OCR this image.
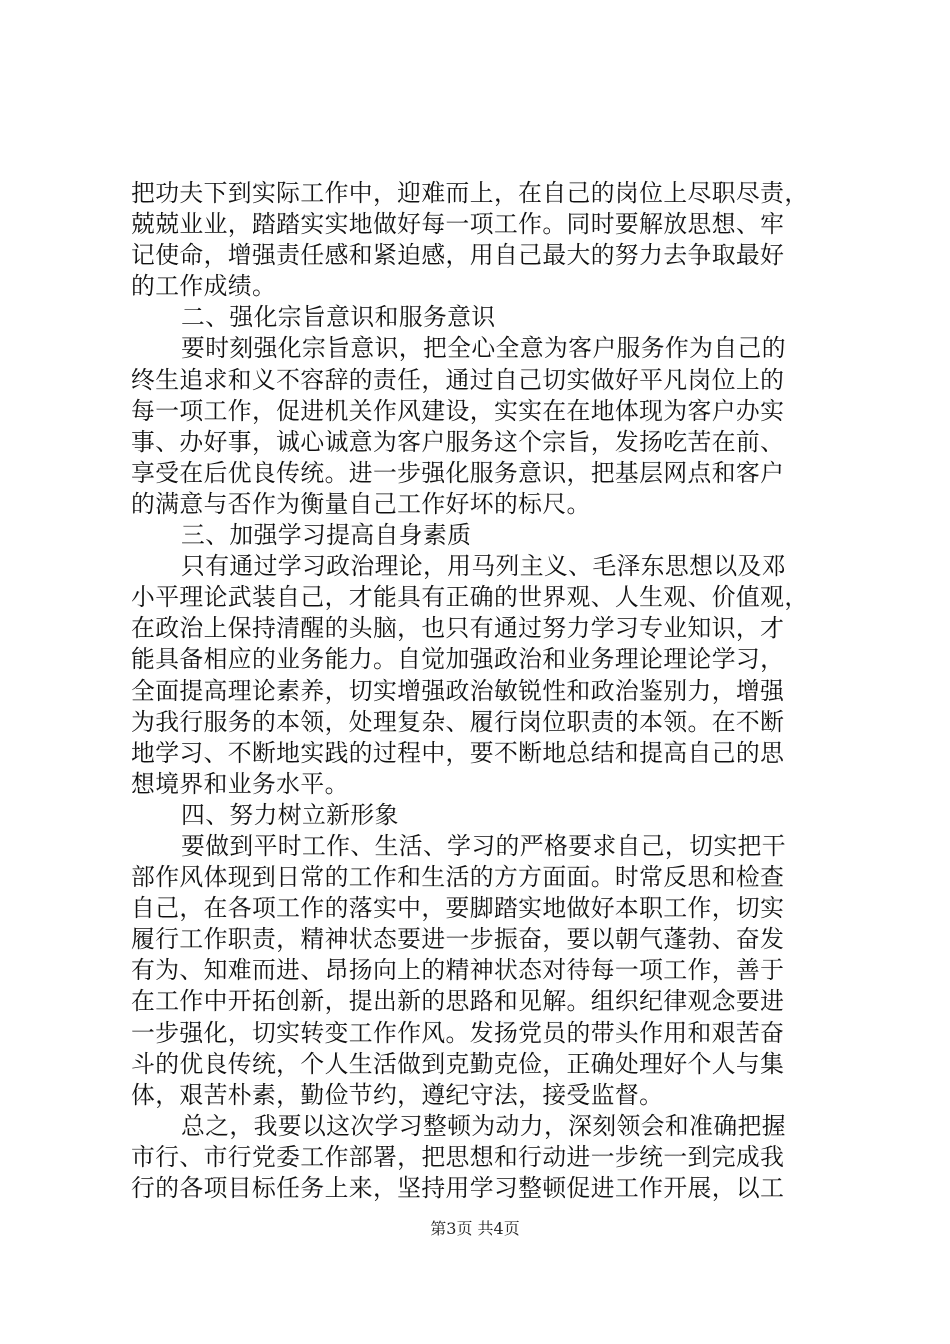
把功夫下到实际工作中，迎难而上，在自己的岗位上尽职尽责，
兢兢业业，踏踏实实地做好每一项工作。同时要解放思想、牢
记使命，增强责任感和紧迫感，用自己最大的努力去争取最好
的工作成绩。
二、强化宗旨意识和服务意识
要时刻强化宗旨意识，把全心全意为客户服务作为自己的
终生追求和义不容辞的责任，通过自己切实做好平凡岗位上的
每一项工作，促进机关作风建设，实实在在地体现为客户办实
事、办好事，诚心诚意为客户服务这个宗旨，发扬吃苦在前、
享受在后优良传统。进一步强化服务意识，把基层网点和客户
的满意与否作为衡量自己工作好坏的标尺。
三、加强学习提高自身素质
只有通过学习政治理论，用马列主义、毛泽东思想以及邓
小平理论武装自己，才能具有正确的世界观、人生观、价值观，
在政治上保持清醒的头脑，也只有通过努力学习专业知识，才
能具备相应的业务能力。自觉加强政治和业务理论理论学习，
全面提高理论素养，切实增强政治敏锐性和政治鉴别力，增强
为我行服务的本领，处理复杂、履行岗位职责的本领。在不断
地学习、不断地实践的过程中，要不断地总结和提高自己的思
想境界和业务水平。
四、努力树立新形象
要做到平时工作、生活、学习的严格要求自己，切实把干
部作风体现到日常的工作和生活的方方面面。时常反思和检查
自己，在各项工作的落实中，要脚踏实地做好本职工作，切实
履行工作职责，精神状态要进一步振奋，要以朝气蓬勃、奋发
有为、知难而进、昂扬向上的精神状态对待每一项工作，善于
在工作中开拓创新，提出新的思路和见解。组织纪律观念要进
一步强化，切实转变工作作风。发扬党员的带头作用和艰苦奋
斗的优良传统，个人生活做到克勤克俭，正确处理好个人与集
体，艰苦朴素，勤俭节约，遵纪守法，接受监督。
总之，我要以这次学习整顿为动力，深刻领会和准确把握
市行、市行党委工作部署，把思想和行动进一步统一到完成我
行的各项目标任务上来，坚持用学习整顿促进工作开展，以工
第3页 共4页
